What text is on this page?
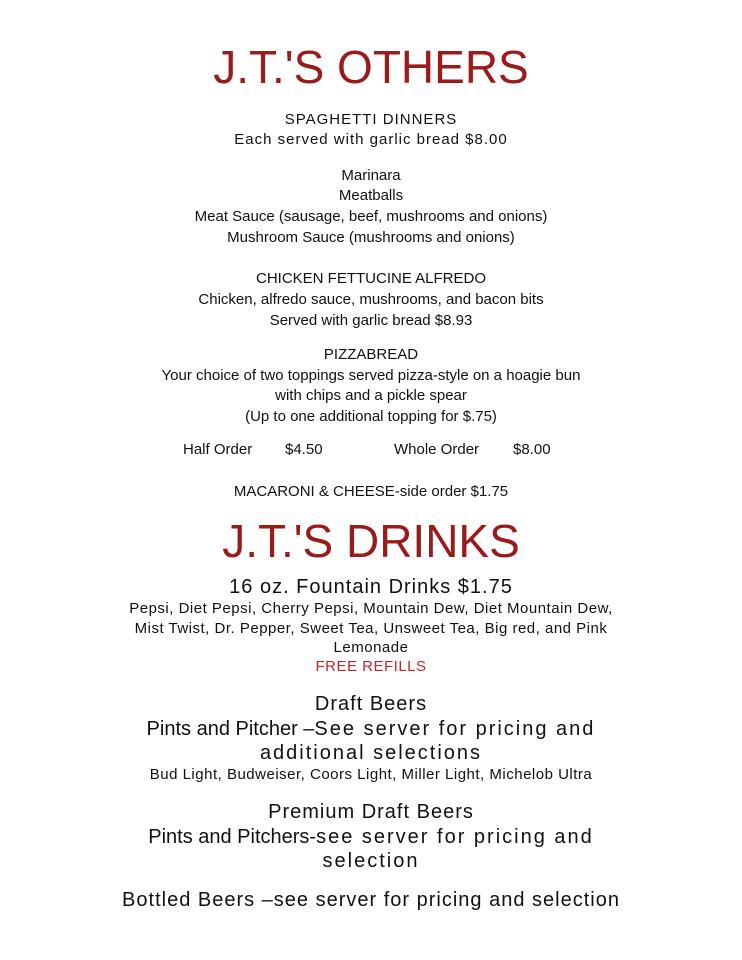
J.T.'S OTHERS
SPAGHETTI DINNERS
Each served with garlic bread $8.00
Marinara
Meatballs
Meat Sauce (sausage, beef, mushrooms and onions)
Mushroom Sauce (mushrooms and onions)
CHICKEN FETTUCINE ALFREDO
Chicken, alfredo sauce, mushrooms, and bacon bits
Served with garlic bread $8.93
PIZZABREAD
Your choice of two toppings served pizza-style on a hoagie bun
with chips and a pickle spear
(Up to one additional topping for $.75)
Half Order $4.50	Whole Order $8.00
MACARONI & CHEESE-side order $1.75
J.T.'S DRINKS
16 oz. Fountain Drinks $1.75
Pepsi, Diet Pepsi, Cherry Pepsi, Mountain Dew, Diet Mountain Dew,
Mist Twist, Dr. Pepper, Sweet Tea, Unsweet Tea, Big red, and Pink
Lemonade
FREE REFILLS
Draft Beers
Pints and Pitcher –See server for pricing and
additional selections
Bud Light, Budweiser, Coors Light, Miller Light, Michelob Ultra
Premium Draft Beers
Pints and Pitchers-see server for pricing and
selection
Bottled Beers –see server for pricing and selection
